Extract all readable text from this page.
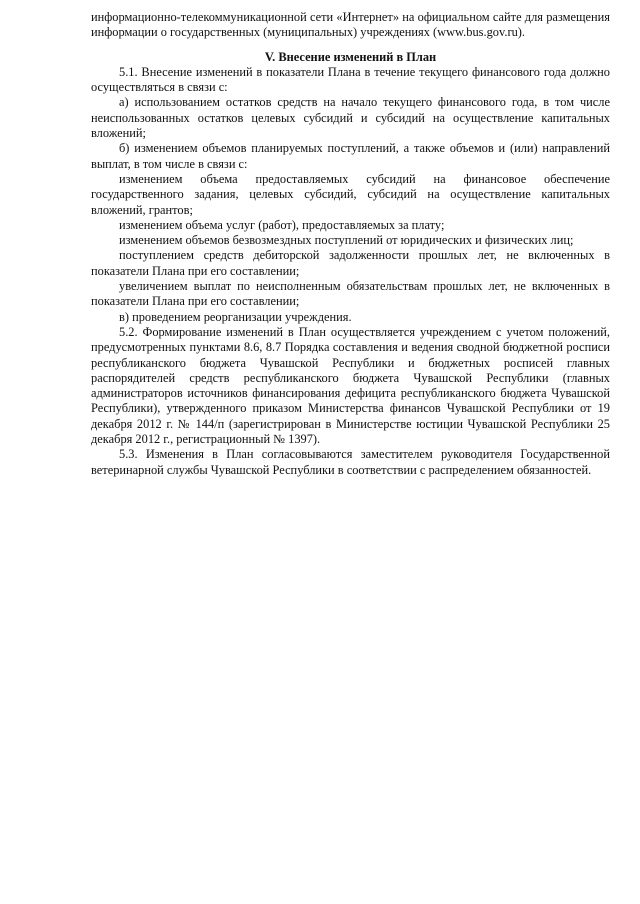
информационно-телекоммуникационной сети «Интернет» на официальном сайте для размещения информации о государственных (муниципальных) учреждениях (www.bus.gov.ru).

V. Внесение изменений в План

5.1. Внесение изменений в показатели Плана в течение текущего финансового года должно осуществляться в связи с:

а) использованием остатков средств на начало текущего финансового года, в том числе неиспользованных остатков целевых субсидий и субсидий на осуществление капитальных вложений;

б) изменением объемов планируемых поступлений, а также объемов и (или) направлений выплат, в том числе в связи с:

изменением объема предоставляемых субсидий на финансовое обеспечение государственного задания, целевых субсидий, субсидий на осуществление капитальных вложений, грантов;

изменением объема услуг (работ), предоставляемых за плату;

изменением объемов безвозмездных поступлений от юридических и физических лиц;

поступлением средств дебиторской задолженности прошлых лет, не включенных в показатели Плана при его составлении;

увеличением выплат по неисполненным обязательствам прошлых лет, не включенных в показатели Плана при его составлении;

в) проведением реорганизации учреждения.

5.2. Формирование изменений в План осуществляется учреждением с учетом положений, предусмотренных пунктами 8.6, 8.7 Порядка составления и ведения сводной бюджетной росписи республиканского бюджета Чувашской Республики и бюджетных росписей главных распорядителей средств республиканского бюджета Чувашской Республики (главных администраторов источников финансирования дефицита республиканского бюджета Чувашской Республики), утвержденного приказом Министерства финансов Чувашской Республики от 19 декабря 2012 г. № 144/п (зарегистрирован в Министерстве юстиции Чувашской Республики 25 декабря 2012 г., регистрационный № 1397).

5.3. Изменения в План согласовываются заместителем руководителя Государственной ветеринарной службы Чувашской Республики в соответствии с распределением обязанностей.
